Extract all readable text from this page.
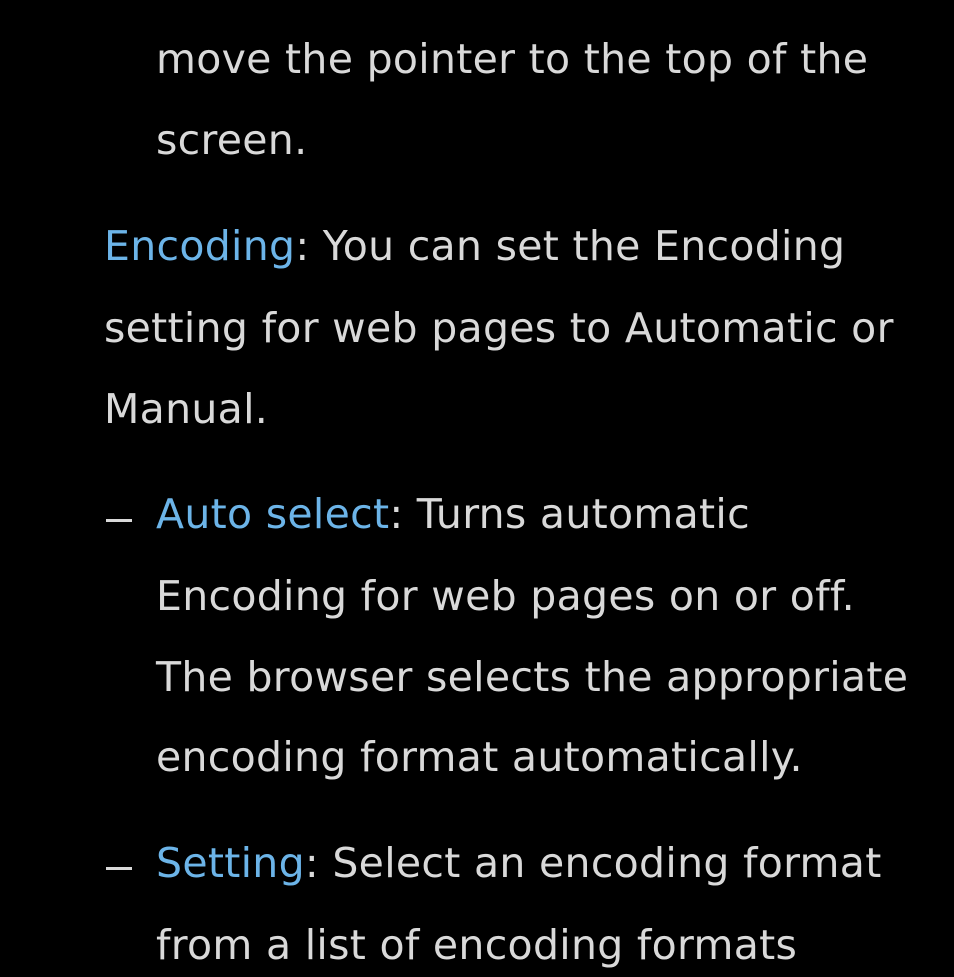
move the pointer to the top of the
screen.
Encoding: You can set the Encoding
setting for web pages to Automatic or
Manual.
Auto select: Turns automatic
Encoding for web pages on or off.
The browser selects the appropriate
encoding format automatically.
Setting: Select an encoding format
from a list of encoding formats
